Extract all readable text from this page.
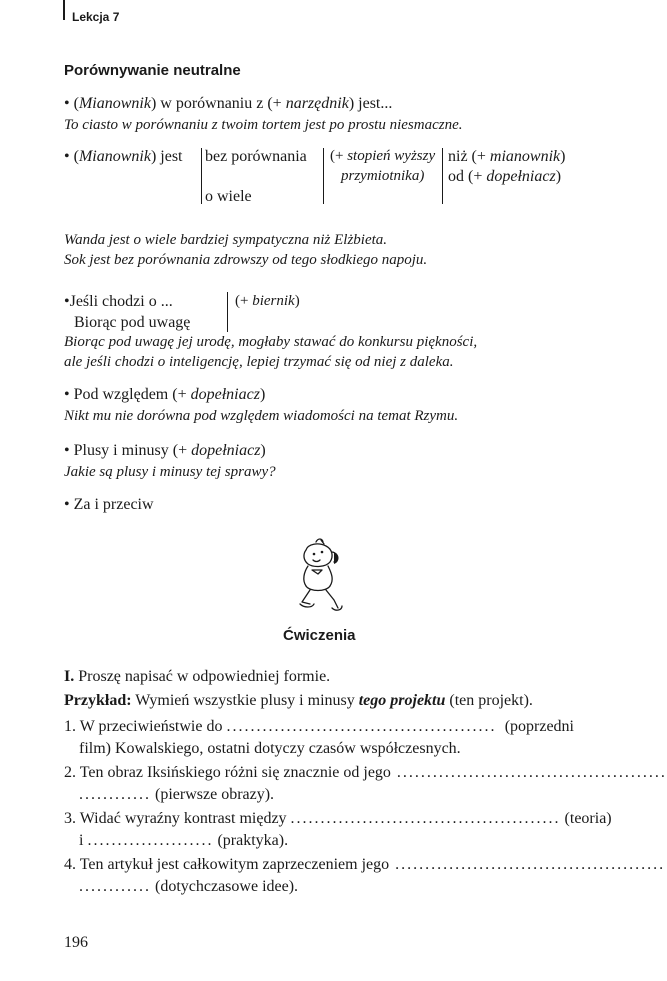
Lekcja 7
Porównywanie neutralne
• (Mianownik) w porównaniu z (+ narzędnik) jest...
To ciasto w porównaniu z twoim tortem jest po prostu niesmaczne.
• (Mianownik) jest bez porównania
o wiele
(+ stopień wyższy
przymiotnika)
niż (+ mianownik)
od (+ dopełniacz)
Wanda jest o wiele bardziej sympatyczna niż Elżbieta.
Sok jest bez porównania zdrowszy od tego słodkiego napoju.
•Jeśli chodzi o ...
Biorąc pod uwagę
(+ biernik)
Biorąc pod uwagę jej urodę, mogłaby stawać do konkursu piękności,
ale jeśli chodzi o inteligencję, lepiej trzymać się od niej z daleka.
• Pod względem (+ dopełniacz)
Nikt mu nie dorówna pod względem wiadomości na temat Rzymu.
• Plusy i minusy (+ dopełniacz)
Jakie są plusy i minusy tej sprawy?
• Za i przeciw
Ćwiczenia
I. Proszę napisać w odpowiedniej formie.
Przykład: Wymień wszystkie plusy i minusy tego projektu (ten projekt).
1. W przeciwieństwie do ............................................. (poprzedni
film) Kowalskiego, ostatni dotyczy czasów współczesnych.
2. Ten obraz Iksińskiego różni się znacznie od jego .............................................
............ (pierwsze obrazy).
3. Widać wyraźny kontrast między ............................................. (teoria)
i ..................... (praktyka).
4. Ten artykuł jest całkowitym zaprzeczeniem jego .............................................
............ (dotychczasowe idee).
196
